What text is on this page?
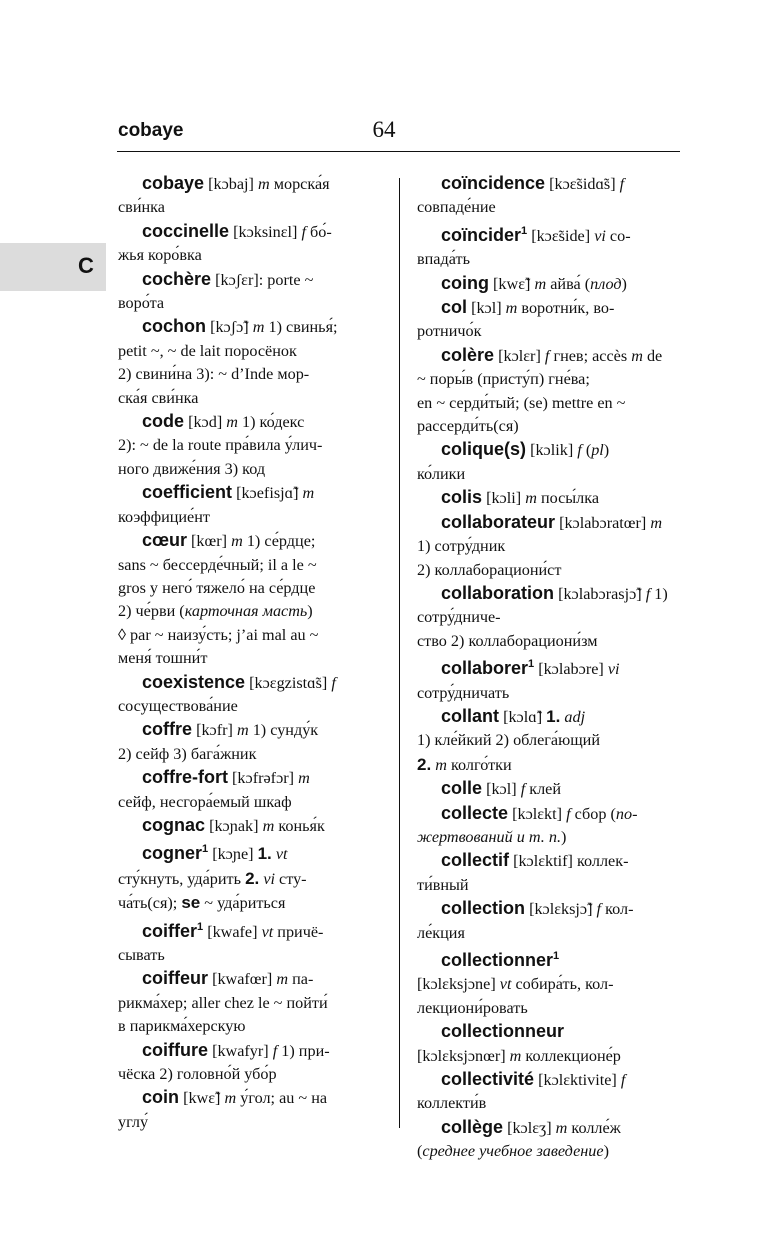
cobaye	64
C
cobaye [kɔbaj] m морска́я
сви́нка
coccinelle [kɔksinɛl] f бо́-
жья коро́вка
cochère [kɔʃɛr]: porte ~
воро́та
cochon [kɔʃɔ̃] m 1) свинья́;
petit ~, ~ de lait поросёнок
2) свини́на 3): ~ d’Inde мор-
ска́я сви́нка
code [kɔd] m 1) ко́декс
2): ~ de la route пра́вила у́лич-
ного движе́ния 3) код
coefficient [kɔefisjɑ̃] m
коэффицие́нт
cœur [kœr] m 1) се́рдце;
sans ~ бессерде́чный; il a le ~
gros у него́ тяжело́ на се́рдце
2) че́рви (карточная масть)
◊ par ~ наизу́сть; j’ai mal au ~
меня́ тошни́т
coexistence [kɔɛgzistɑ̃s] f
сосуществова́ние
coffre [kɔfr] m 1) сунду́к
2) сейф 3) бага́жник
coffre-fort [kɔfrəfɔr] m
сейф, несгора́емый шкаф
cognac [kɔɲak] m конья́к
cogner$^1$ [kɔɲe] 1. vt
сту́кнуть, уда́рить 2. vi сту-
ча́ть(ся); se ~ уда́риться
coiffer$^1$ [kwafe] vt причё-
сывать
coiffeur [kwafœr] m па-
рикма́хер; aller chez le ~ пойти́
в парикма́херскую
coiffure [kwafyr] f 1) при-
чёска 2) головно́й убо́р
coin [kwɛ̃] m у́гол; au ~ на
углу́
coïncidence [kɔɛ̃sidɑ̃s] f
совпаде́ние
coïncider$^1$ [kɔɛ̃side] vi со-
впада́ть
coing [kwɛ̃] m айва́ (плод)
col [kɔl] m воротни́к, во-
ротничо́к
colère [kɔlɛr] f гнев; accès m de ~ поры́в (присту́п) гне́ва;
en ~ серди́тый; (se) mettre en ~
рассерди́ть(ся)
colique(s) [kɔlik] f (pl)
ко́лики
colis [kɔli] m посы́лка
collaborateur [kɔlabɔratœr] m 1) сотру́дник
2) коллаборациони́ст
collaboration [kɔlabɔrasjɔ̃] f 1) сотру́дниче-
ство 2) коллаборациони́зм
collaborer$^1$ [kɔlabɔre] vi
сотру́дничать
collant [kɔlɑ̃] 1. adj
1) кле́йкий 2) облега́ющий
2. m колго́тки
colle [kɔl] f клей
collecte [kɔlɛkt] f сбор (по-
жертвований и т. п.)
collectif [kɔlɛktif] коллек-
ти́вный
collection [kɔlɛksjɔ̃] f кол-
ле́кция
collectionner$^1$
[kɔlɛksjɔne] vt собира́ть, кол-
лекциони́ровать
collectionneur
[kɔlɛksjɔnœr] m коллекционе́р
collectivité [kɔlɛktivite] f
коллекти́в
collège [kɔlɛʒ] m колле́ж
(среднее учебное заведение)
